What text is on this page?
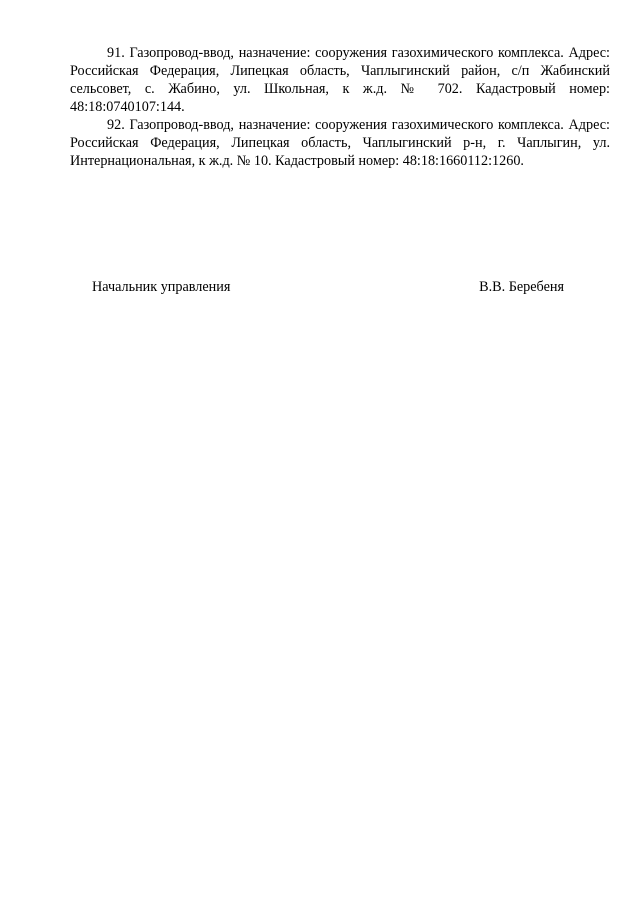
91. Газопровод-ввод, назначение: сооружения газохимического комплекса. Адрес: Российская Федерация, Липецкая область, Чаплыгинский район, с/п Жабинский сельсовет, с. Жабино, ул. Школьная, к ж.д. № 702. Кадастровый номер: 48:18:0740107:144.

92. Газопровод-ввод, назначение: сооружения газохимического комплекса. Адрес: Российская Федерация, Липецкая область, Чаплыгинский р-н, г. Чаплыгин, ул. Интернациональная, к ж.д. № 10. Кадастровый номер: 48:18:1660112:1260.

Начальник управления	В.В. Беребеня
